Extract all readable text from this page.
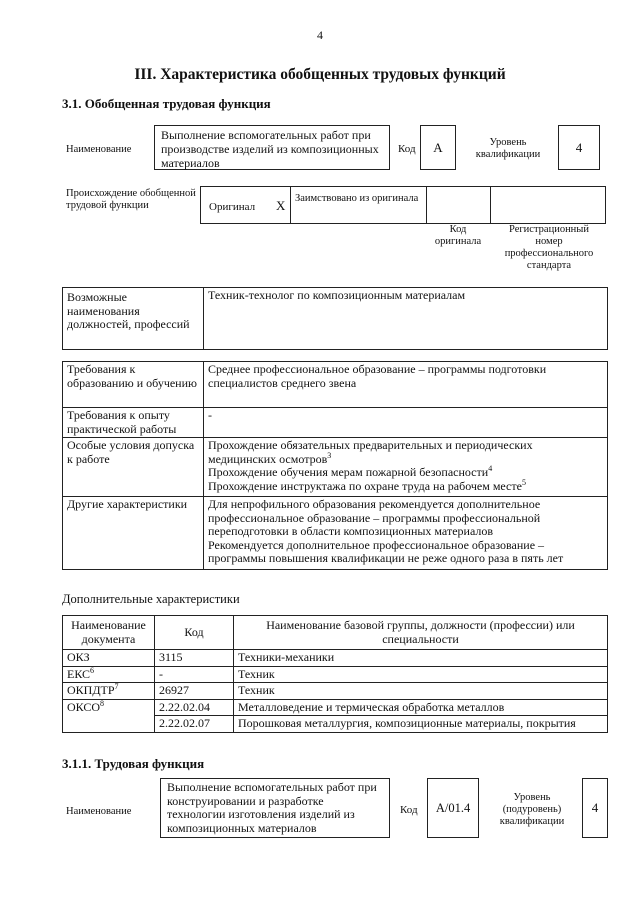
4
III. Характеристика обобщенных трудовых функций
3.1. Обобщенная трудовая функция
Наименование
Выполнение вспомогательных работ при производстве изделий из композиционных материалов
Код	А	Уровень квалификации	4
Происхождение обобщенной трудовой функции	Оригинал Х Заимствовано из оригинала
Код оригинала
Регистрационный номер профессионального стандарта
Возможные наименования должностей, профессий	Техник-технолог по композиционным материалам
Требования к образованию и обучению	Среднее профессиональное образование – программы подготовки специалистов среднего звена
Требования к опыту практической работы	-
Особые условия допуска к работе	Прохождение обязательных предварительных и периодических медицинских осмотров$^3$
Прохождение обучения мерам пожарной безопасности$^4$
Прохождение инструктажа по охране труда на рабочем месте$^5$

Другие характеристики	Для непрофильного образования рекомендуется дополнительное профессиональное образование – программы профессиональной переподготовки в области композиционных материалов
Рекомендуется дополнительное профессиональное образование – программы повышения квалификации не реже одного раза в пять лет
Дополнительные характеристики
Наименование документа	Код	Наименование базовой группы, должности (профессии) или специальности
ОКЗ	3115	Техники-механики
ЕКС$^6$	-	Техник
ОКПДТР$^7$	26927	Техник
ОКСО$^8$	2.22.02.04	Металловедение и термическая обработка металлов
	2.22.02.07	Порошковая металлургия, композиционные материалы, покрытия
3.1.1. Трудовая функция
Наименование
Выполнение вспомогательных работ при конструировании и разработке технологии изготовления изделий из композиционных материалов
Код	А/01.4
Уровень (подуровень) квалификации
4
